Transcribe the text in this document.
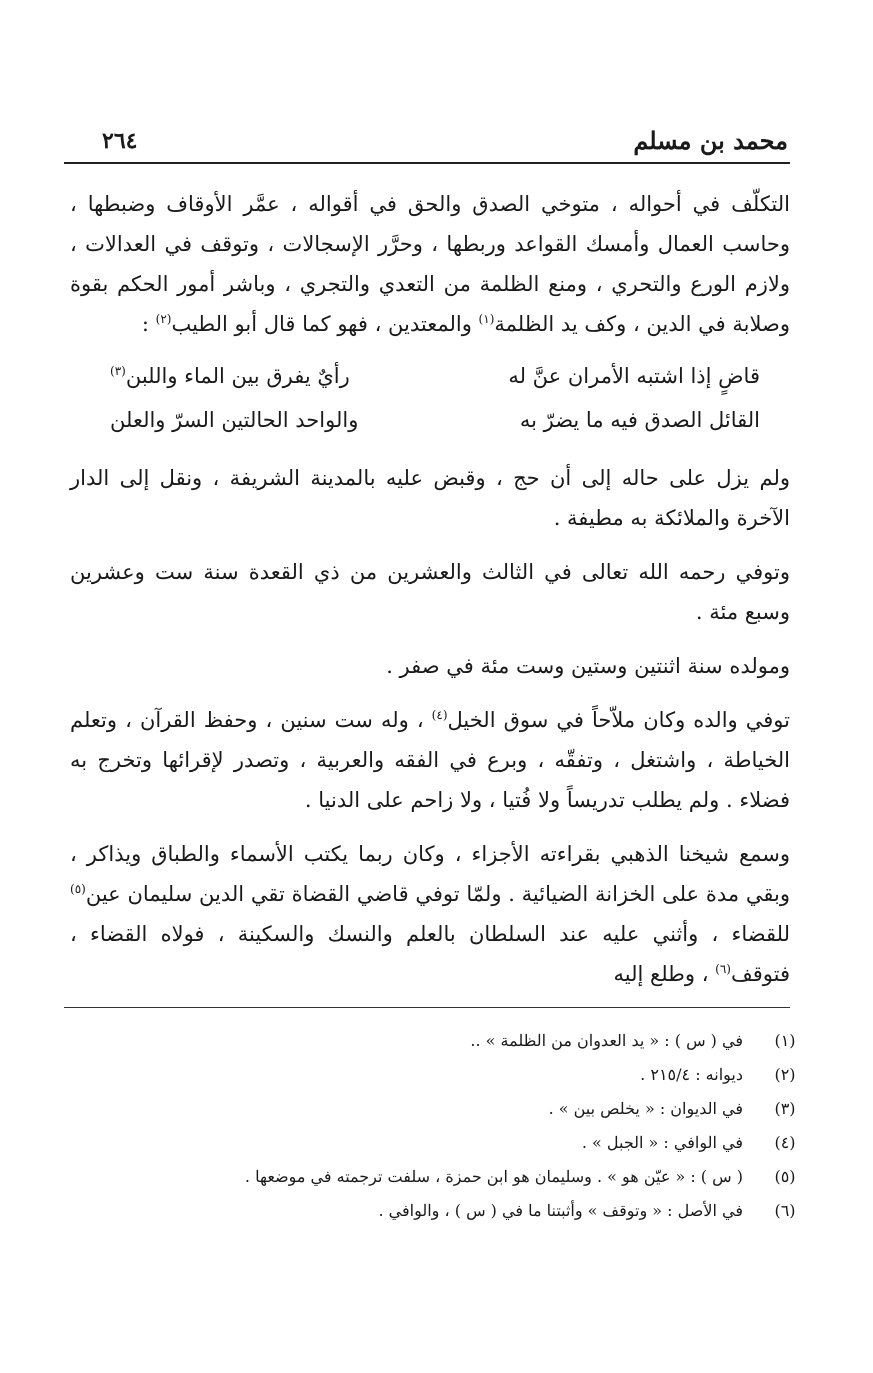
محمد بن مسلم
٢٦٤

التكلّف في أحواله ، متوخي الصدق والحق في أقواله ، عمَّر الأوقاف وضبطها ، وحاسب العمال وأمسك القواعد وربطها ، وحرَّر الإسجالات ، وتوقف في العدالات ، ولازم الورع والتحري ، ومنع الظلمة من التعدي والتجري ، وباشر أمور الحكم بقوة وصلابة في الدين ، وكف يد الظلمة$^{(١)}$ والمعتدين ، فهو كما قال أبو الطيب$^{(٢)}$ :

قاضٍ إذا اشتبه الأمران عنَّ له
رأيٌ يفرق بين الماء واللبن$^{(٣)}$
القائل الصدق فيه ما يضرّ به
والواحد الحالتين السرّ والعلن

ولم يزل على حاله إلى أن حج ، وقبض عليه بالمدينة الشريفة ، ونقل إلى الدار الآخرة والملائكة به مطيفة .

وتوفي رحمه الله تعالى في الثالث والعشرين من ذي القعدة سنة ست وعشرين وسبع مئة .

ومولده سنة اثنتين وستين وست مئة في صفر .

توفي والده وكان ملاّحاً في سوق الخيل$^{(٤)}$ ، وله ست سنين ، وحفظ القرآن ، وتعلم الخياطة ، واشتغل ، وتفقّه ، وبرع في الفقه والعربية ، وتصدر لإقرائها وتخرج به فضلاء . ولم يطلب تدريساً ولا فُتيا ، ولا زاحم على الدنيا .

وسمع شيخنا الذهبي بقراءته الأجزاء ، وكان ربما يكتب الأسماء والطباق ويذاكر ، وبقي مدة على الخزانة الضيائية . ولمّا توفي قاضي القضاة تقي الدين سليمان عين$^{(٥)}$ للقضاء ، وأثني عليه عند السلطان بالعلم والنسك والسكينة ، فولاه القضاء ، فتوقف$^{(٦)}$ ، وطلع إليه

(١)
في ( س ) : « يد العدوان من الظلمة » ..
(٢)
ديوانه : ٢١٥/٤ .
(٣)
في الديوان : « يخلص بين » .
(٤)
في الوافي : « الجبل » .
(٥)
( س ) : « عيّن هو » . وسليمان هو ابن حمزة ، سلفت ترجمته في موضعها .
(٦)
في الأصل : « وتوقف » وأثبتنا ما في ( س ) ، والوافي .
